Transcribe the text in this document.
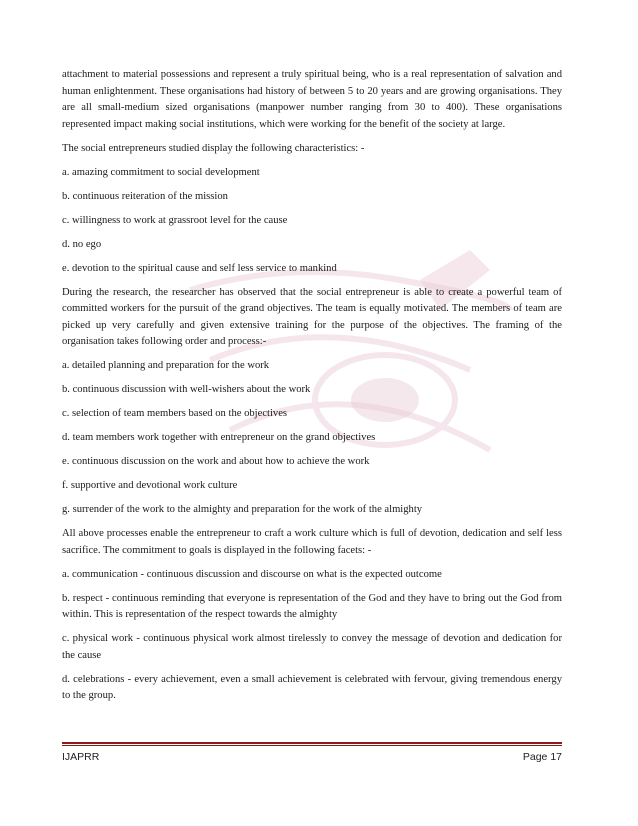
attachment to material possessions and represent a truly spiritual being, who is a real representation of salvation and human enlightenment. These organisations had history of between 5 to 20 years and are growing organisations. They are all small-medium sized organisations (manpower number ranging from 30 to 400). These organisations represented impact making social institutions, which were working for the benefit of the society at large.

The social entrepreneurs studied display the following characteristics: -

a. amazing commitment to social development

b. continuous reiteration of the mission

c. willingness to work at grassroot level for the cause

d. no ego

e. devotion to the spiritual cause and self less service to mankind

During the research, the researcher has observed that the social entrepreneur is able to create a powerful team of committed workers for the pursuit of the grand objectives. The team is equally motivated. The members of team are picked up very carefully and given extensive training for the purpose of the objectives. The framing of the organisation takes following order and process:-

a. detailed planning and preparation for the work

b. continuous discussion with well-wishers about the work

c. selection of team members based on the objectives

d. team members work together with entrepreneur on the grand objectives

e. continuous discussion on the work and about how to achieve the work

f. supportive and devotional work culture

g. surrender of the work to the almighty and preparation for the work of the almighty

All above processes enable the entrepreneur to craft a work culture which is full of devotion, dedication and self less sacrifice. The commitment to goals is displayed in the following facets: -

a. communication - continuous discussion and discourse on what is the expected outcome

b. respect - continuous reminding that everyone is representation of the God and they have to bring out the God from within. This is representation of the respect towards the almighty

c. physical work - continuous physical work almost tirelessly to convey the message of devotion and dedication for the cause

d. celebrations - every achievement, even a small achievement is celebrated with fervour, giving tremendous energy to the group.

IJAPRR	Page 17
